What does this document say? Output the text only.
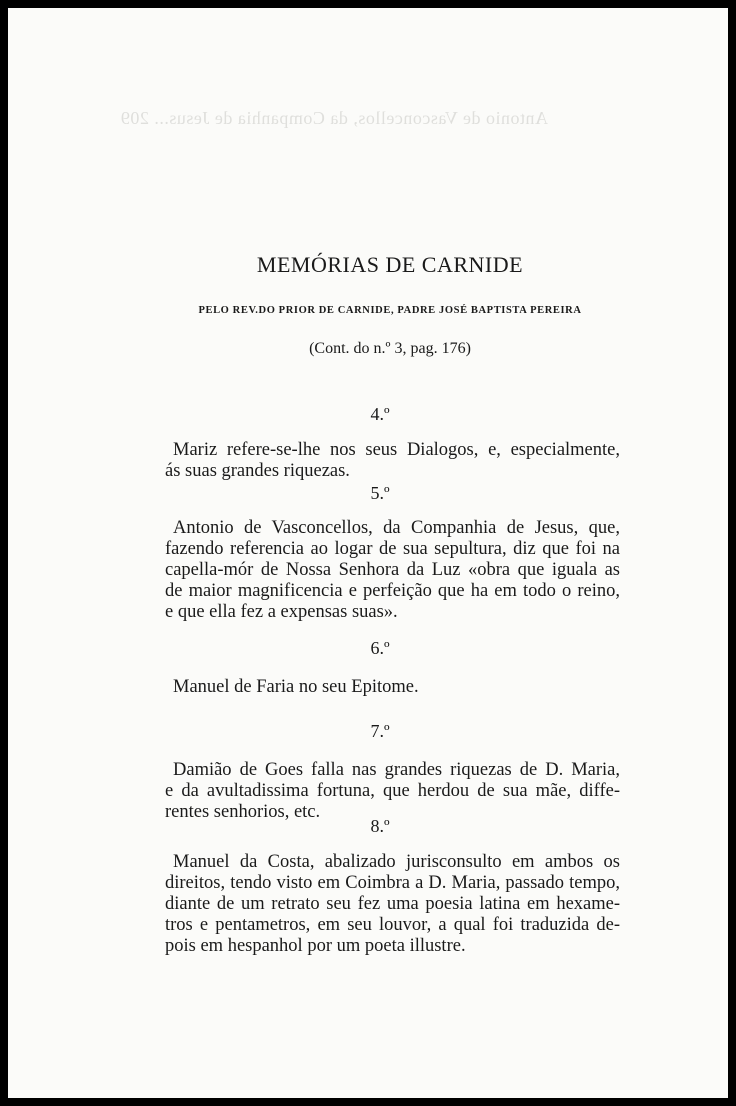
Antonio de Vasconcellos, da Companhia de Jesus... 209
MEMÓRIAS DE CARNIDE
PELO REV.DO PRIOR DE CARNIDE, PADRE JOSÉ BAPTISTA PEREIRA
(Cont. do n.º 3, pag. 176)
4.º
Mariz refere-se-lhe nos seus Dialogos, e, especialmente,
ás suas grandes riquezas.
5.º
Antonio de Vasconcellos, da Companhia de Jesus, que,
fazendo referencia ao logar de sua sepultura, diz que foi na
capella-mór de Nossa Senhora da Luz «obra que iguala as
de maior magnificencia e perfeição que ha em todo o reino,
e que ella fez a expensas suas».
6.º
Manuel de Faria no seu Epitome.
7.º
Damião de Goes falla nas grandes riquezas de D. Maria,
e da avultadissima fortuna, que herdou de sua mãe, diffe-
rentes senhorios, etc.
8.º
Manuel da Costa, abalizado jurisconsulto em ambos os
direitos, tendo visto em Coimbra a D. Maria, passado tempo,
diante de um retrato seu fez uma poesia latina em hexame-
tros e pentametros, em seu louvor, a qual foi traduzida de-
pois em hespanhol por um poeta illustre.
